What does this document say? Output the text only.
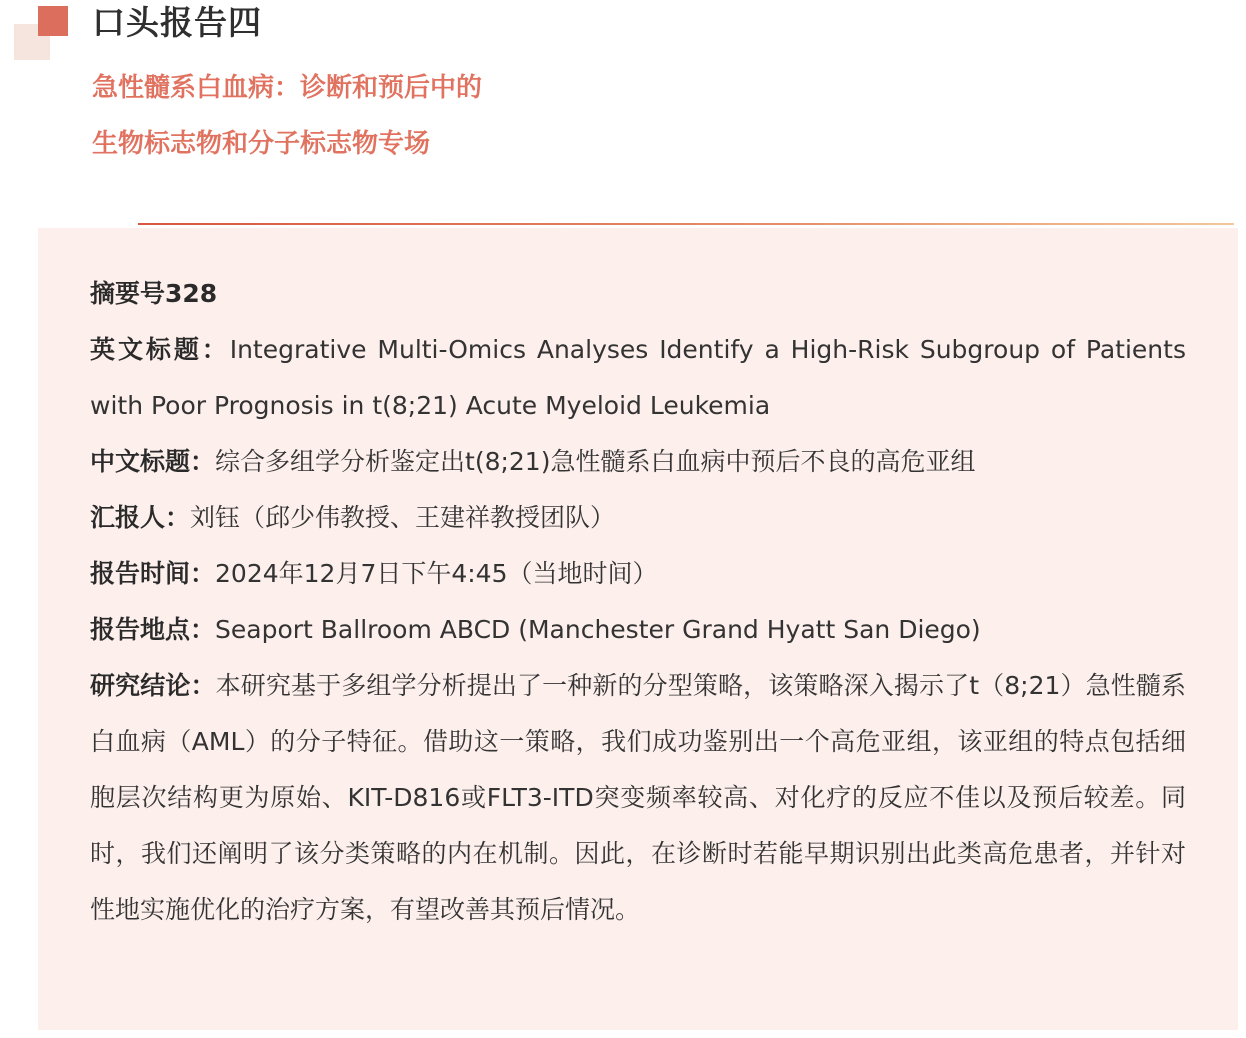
口头报告四

急性髓系白血病：诊断和预后中的

生物标志物和分子标志物专场

摘要号328

英文标题：Integrative Multi-Omics Analyses Identify a High-Risk Subgroup of Patients with Poor Prognosis in t(8;21) Acute Myeloid Leukemia

中文标题：综合多组学分析鉴定出t(8;21)急性髓系白血病中预后不良的高危亚组

汇报人：刘钰（邱少伟教授、王建祥教授团队）

报告时间：2024年12月7日下午4:45（当地时间）

报告地点：Seaport Ballroom ABCD (Manchester Grand Hyatt San Diego)

研究结论：本研究基于多组学分析提出了一种新的分型策略，该策略深入揭示了t（8;21）急性髓系白血病（AML）的分子特征。借助这一策略，我们成功鉴别出一个高危亚组，该亚组的特点包括细胞层次结构更为原始、KIT-D816或FLT3-ITD突变频率较高、对化疗的反应不佳以及预后较差。同时，我们还阐明了该分类策略的内在机制。因此，在诊断时若能早期识别出此类高危患者，并针对性地实施优化的治疗方案，有望改善其预后情况。
